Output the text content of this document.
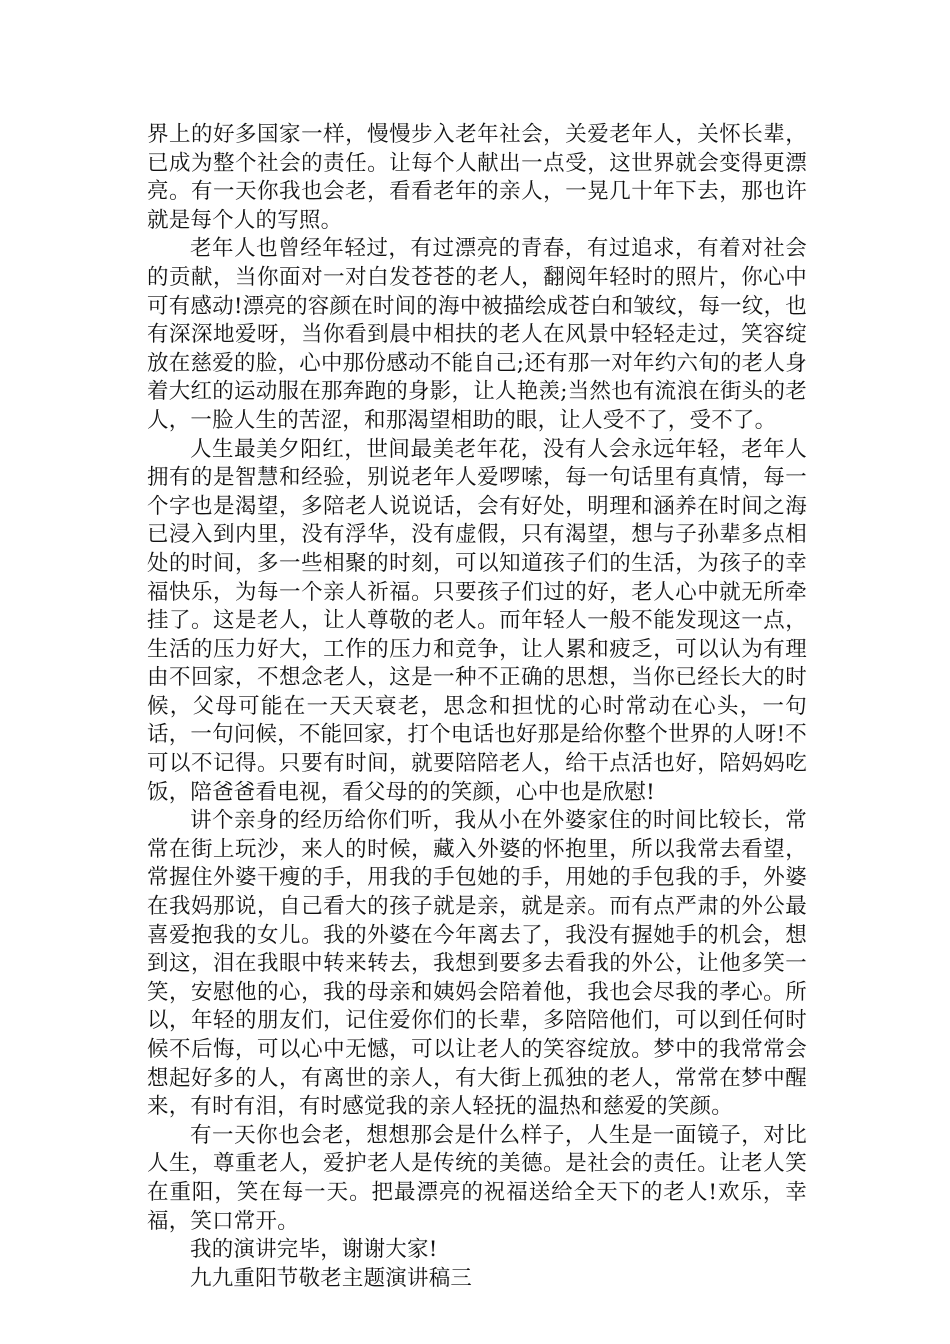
界上的好多国家一样，慢慢步入老年社会，关爱老年人，关怀长辈，已成为整个社会的责任。让每个人献出一点受，这世界就会变得更漂亮。有一天你我也会老，看看老年的亲人，一晃几十年下去，那也许就是每个人的写照。

老年人也曾经年轻过，有过漂亮的青春，有过追求，有着对社会的贡献，当你面对一对白发苍苍的老人，翻阅年轻时的照片，你心中可有感动!漂亮的容颜在时间的海中被描绘成苍白和皱纹，每一纹，也有深深地爱呀，当你看到晨中相扶的老人在风景中轻轻走过，笑容绽放在慈爱的脸，心中那份感动不能自己;还有那一对年约六旬的老人身着大红的运动服在那奔跑的身影，让人艳羡;当然也有流浪在街头的老人，一脸人生的苦涩，和那渴望相助的眼，让人受不了，受不了。

人生最美夕阳红，世间最美老年花，没有人会永远年轻，老年人拥有的是智慧和经验，别说老年人爱啰嗦，每一句话里有真情，每一个字也是渴望，多陪老人说说话，会有好处，明理和涵养在时间之海已浸入到内里，没有浮华，没有虚假，只有渴望，想与子孙辈多点相处的时间，多一些相聚的时刻，可以知道孩子们的生活，为孩子的幸福快乐，为每一个亲人祈福。只要孩子们过的好，老人心中就无所牵挂了。这是老人，让人尊敬的老人。而年轻人一般不能发现这一点，生活的压力好大，工作的压力和竞争，让人累和疲乏，可以认为有理由不回家，不想念老人，这是一种不正确的思想，当你已经长大的时候，父母可能在一天天衰老，思念和担忧的心时常动在心头，一句话，一句问候，不能回家，打个电话也好那是给你整个世界的人呀!不可以不记得。只要有时间，就要陪陪老人，给干点活也好，陪妈妈吃饭，陪爸爸看电视，看父母的的笑颜，心中也是欣慰!

讲个亲身的经历给你们听，我从小在外婆家住的时间比较长，常常在街上玩沙，来人的时候，藏入外婆的怀抱里，所以我常去看望，常握住外婆干瘦的手，用我的手包她的手，用她的手包我的手，外婆在我妈那说，自己看大的孩子就是亲，就是亲。而有点严肃的外公最喜爱抱我的女儿。我的外婆在今年离去了，我没有握她手的机会，想到这，泪在我眼中转来转去，我想到要多去看我的外公，让他多笑一笑，安慰他的心，我的母亲和姨妈会陪着他，我也会尽我的孝心。所以，年轻的朋友们，记住爱你们的长辈，多陪陪他们，可以到任何时候不后悔，可以心中无憾，可以让老人的笑容绽放。梦中的我常常会想起好多的人，有离世的亲人，有大街上孤独的老人，常常在梦中醒来，有时有泪，有时感觉我的亲人轻抚的温热和慈爱的笑颜。

有一天你也会老，想想那会是什么样子，人生是一面镜子，对比人生，尊重老人，爱护老人是传统的美德。是社会的责任。让老人笑在重阳，笑在每一天。把最漂亮的祝福送给全天下的老人!欢乐，幸福，笑口常开。

我的演讲完毕，谢谢大家!

九九重阳节敬老主题演讲稿三
